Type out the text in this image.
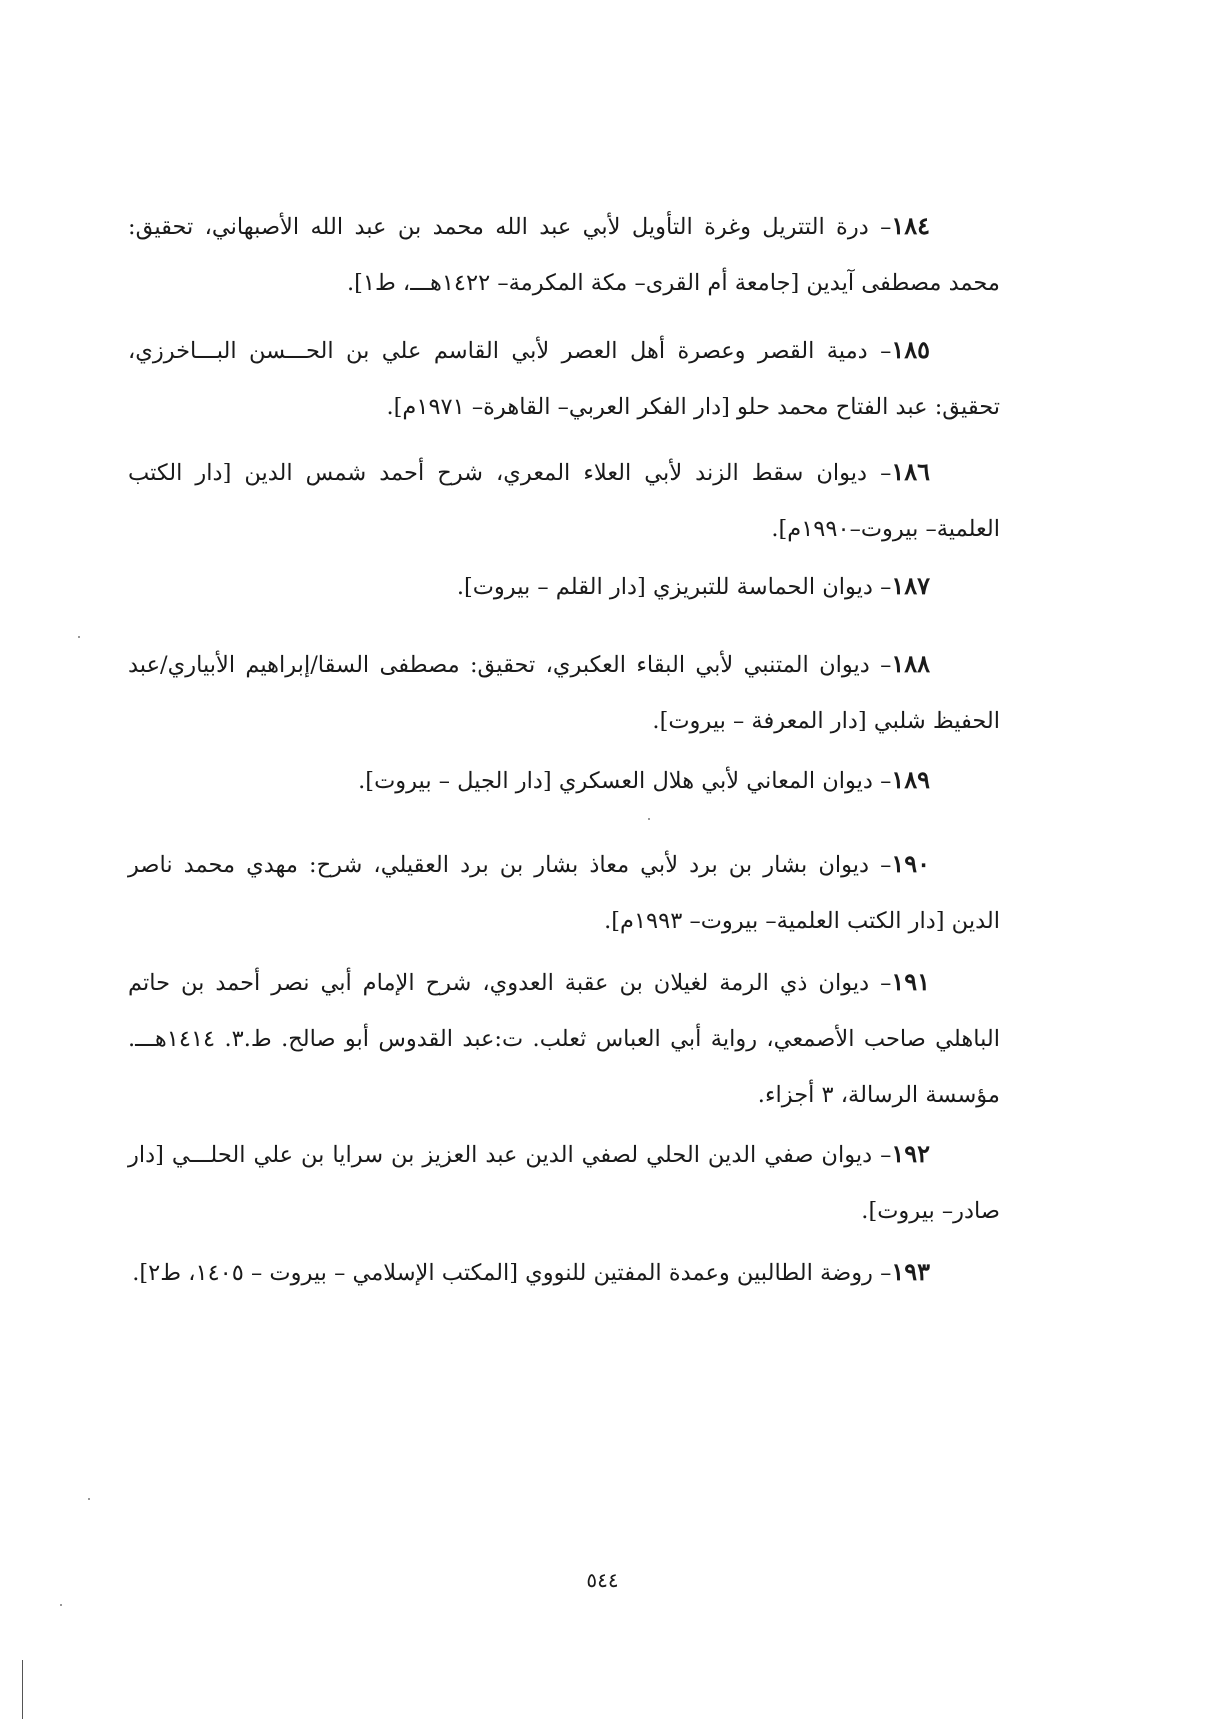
١٨٤– درة التتريل وغرة التأويل لأبي عبد الله محمد بن عبد الله الأصبهاني، تحقيق: محمد مصطفى آيدين [جامعة أم القرى– مكة المكرمة– ١٤٢٢هـــ، ط١].
١٨٥– دمية القصر وعصرة أهل العصر لأبي القاسم علي بن الحـــسن البـــاخرزي، تحقيق: عبد الفتاح محمد حلو [دار الفكر العربي– القاهرة– ١٩٧١م].
١٨٦– ديوان سقط الزند لأبي العلاء المعري، شرح أحمد شمس الدين [دار الكتب العلمية– بيروت–١٩٩٠م].
١٨٧– ديوان الحماسة للتبريزي [دار القلم – بيروت].
١٨٨– ديوان المتنبي لأبي البقاء العكبري، تحقيق: مصطفى السقا/إبراهيم الأبياري/عبد الحفيظ شلبي [دار المعرفة – بيروت].
١٨٩– ديوان المعاني لأبي هلال العسكري [دار الجيل – بيروت].
١٩٠– ديوان بشار بن برد لأبي معاذ بشار بن برد العقيلي، شرح: مهدي محمد ناصر الدين [دار الكتب العلمية– بيروت– ١٩٩٣م].
١٩١– ديوان ذي الرمة لغيلان بن عقبة العدوي، شرح الإمام أبي نصر أحمد بن حاتم الباهلي صاحب الأصمعي، رواية أبي العباس ثعلب. ت:عبد القدوس أبو صالح. ط.٣. ١٤١٤هـــ. مؤسسة الرسالة، ٣ أجزاء.
١٩٢– ديوان صفي الدين الحلي لصفي الدين عبد العزيز بن سرايا بن علي الحلـــي [دار صادر– بيروت].
١٩٣– روضة الطالبين وعمدة المفتين للنووي [المكتب الإسلامي – بيروت – ١٤٠٥، ط٢].
٥٤٤
